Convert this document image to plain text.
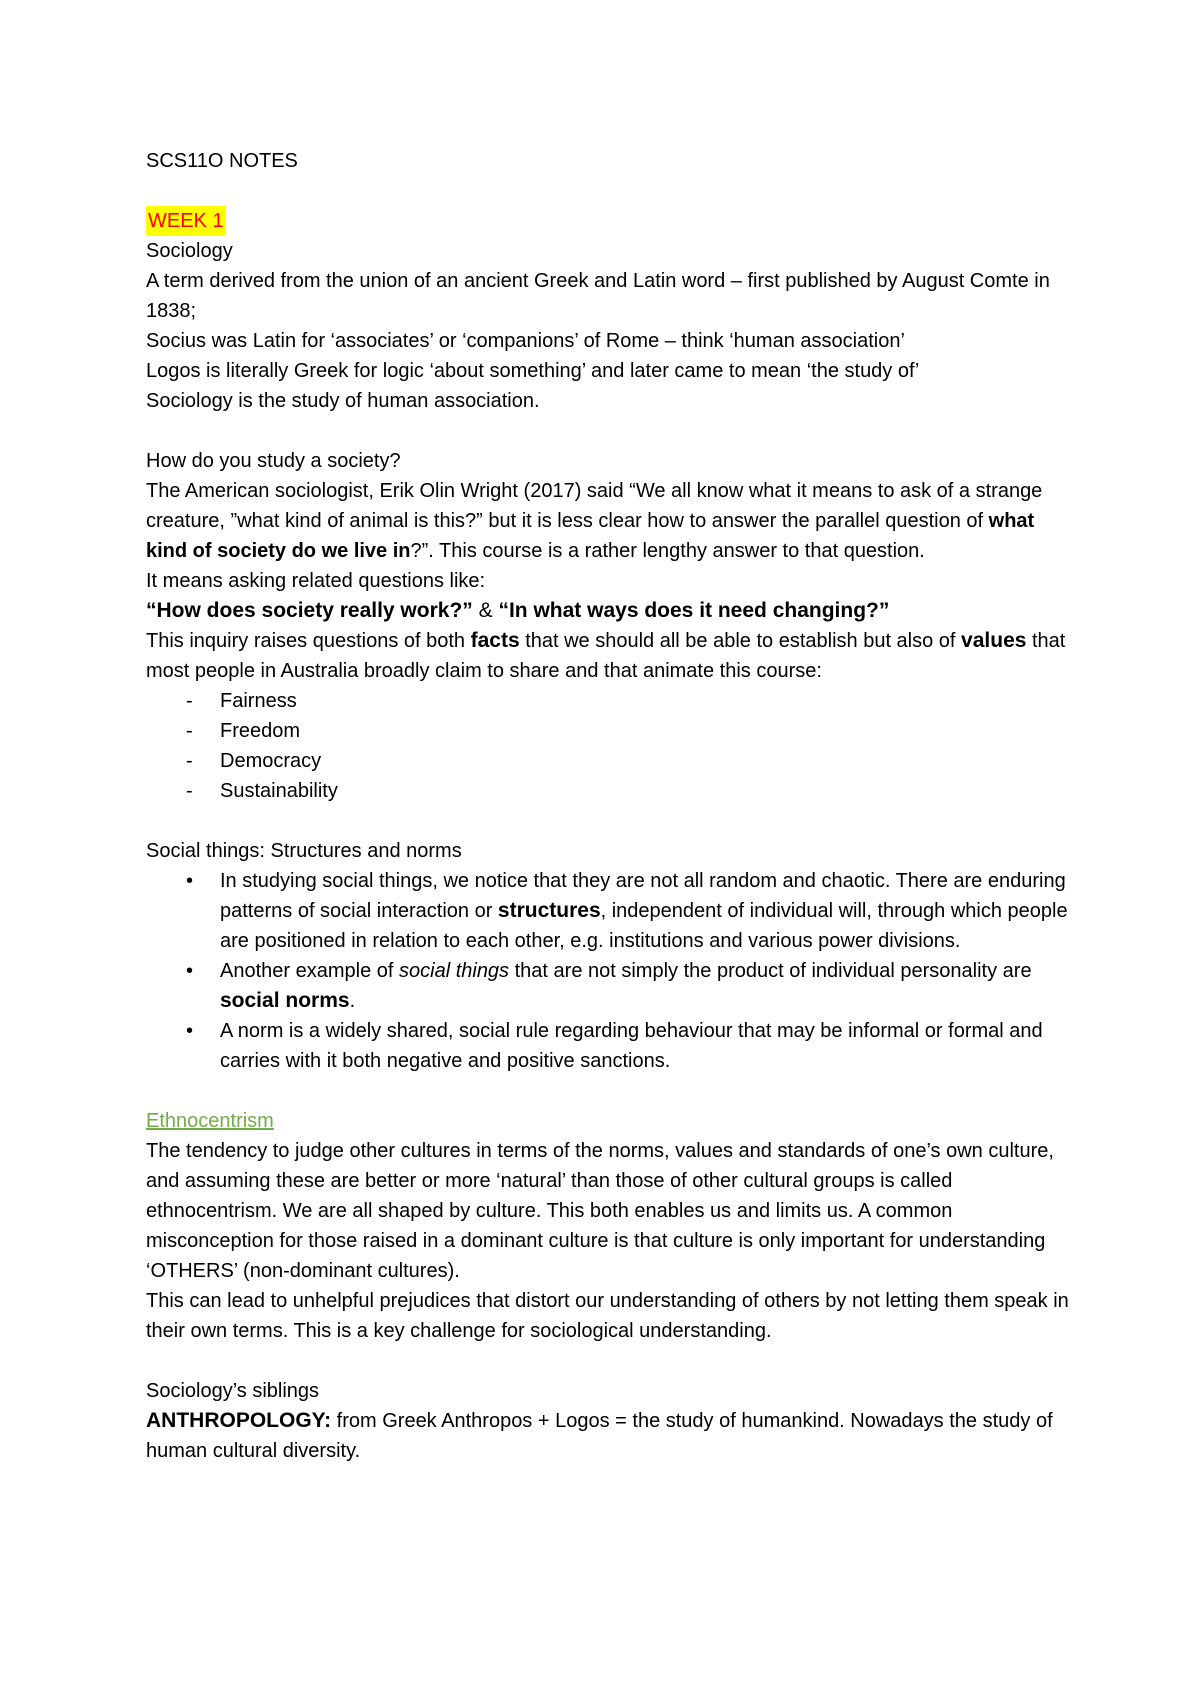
SCS11O NOTES

WEEK 1

Sociology

A term derived from the union of an ancient Greek and Latin word – first published by August Comte in 1838;

Socius was Latin for ‘associates’ or ‘companions’ of Rome – think ‘human association’

Logos is literally Greek for logic ‘about something’ and later came to mean ‘the study of’

Sociology is the study of human association.

How do you study a society?

The American sociologist, Erik Olin Wright (2017) said “We all know what it means to ask of a strange creature, ”what kind of animal is this?” but it is less clear how to answer the parallel question of what kind of society do we live in?”. This course is a rather lengthy answer to that question.

It means asking related questions like:

“How does society really work?” & “In what ways does it need changing?”

This inquiry raises questions of both facts that we should all be able to establish but also of values that most people in Australia broadly claim to share and that animate this course:

- Fairness
- Freedom
- Democracy
- Sustainability

Social things: Structures and norms

• In studying social things, we notice that they are not all random and chaotic. There are enduring patterns of social interaction or structures, independent of individual will, through which people are positioned in relation to each other, e.g. institutions and various power divisions.
• Another example of social things that are not simply the product of individual personality are social norms.
• A norm is a widely shared, social rule regarding behaviour that may be informal or formal and carries with it both negative and positive sanctions.

Ethnocentrism

The tendency to judge other cultures in terms of the norms, values and standards of one’s own culture, and assuming these are better or more ‘natural’ than those of other cultural groups is called ethnocentrism. We are all shaped by culture. This both enables us and limits us. A common misconception for those raised in a dominant culture is that culture is only important for understanding ‘OTHERS’ (non-dominant cultures).

This can lead to unhelpful prejudices that distort our understanding of others by not letting them speak in their own terms. This is a key challenge for sociological understanding.

Sociology’s siblings

ANTHROPOLOGY: from Greek Anthropos + Logos = the study of humankind. Nowadays the study of human cultural diversity.
